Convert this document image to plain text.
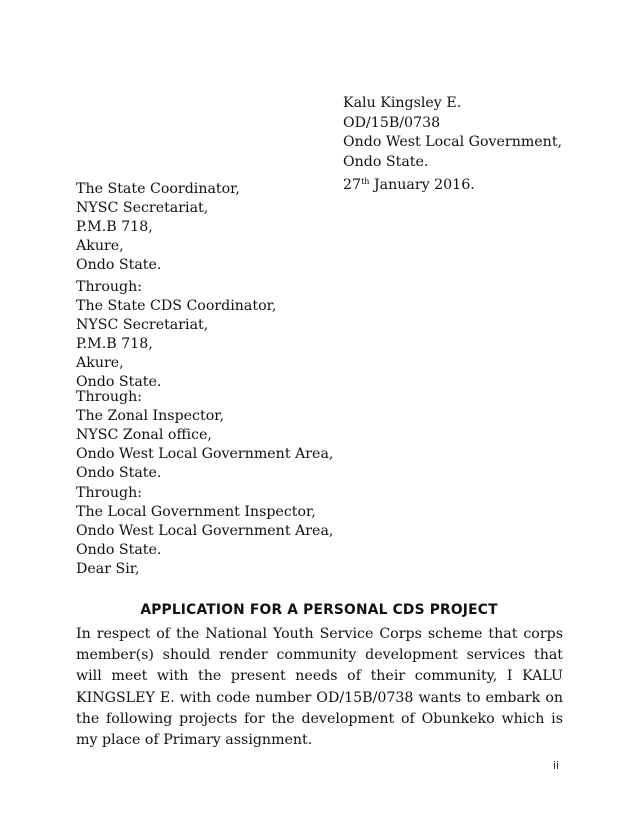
Kalu Kingsley E.
OD/15B/0738
Ondo West Local Government,
Ondo State.
27th January 2016.
The State Coordinator,
NYSC Secretariat,
P.M.B 718,
Akure,
Ondo State.
Through:
The State CDS Coordinator,
NYSC Secretariat,
P.M.B 718,
Akure,
Ondo State.
Through:
The Zonal Inspector,
NYSC Zonal office,
Ondo West Local Government Area,
Ondo State.
Through:
The Local Government Inspector,
Ondo West Local Government Area,
Ondo State.
Dear Sir,
APPLICATION FOR A PERSONAL CDS PROJECT
In respect of the National Youth Service Corps scheme that corps member(s) should render community development services that will meet with the present needs of their community, I KALU KINGSLEY E. with code number OD/15B/0738 wants to embark on the following projects for the development of Obunkeko which is my place of Primary assignment.
ii
